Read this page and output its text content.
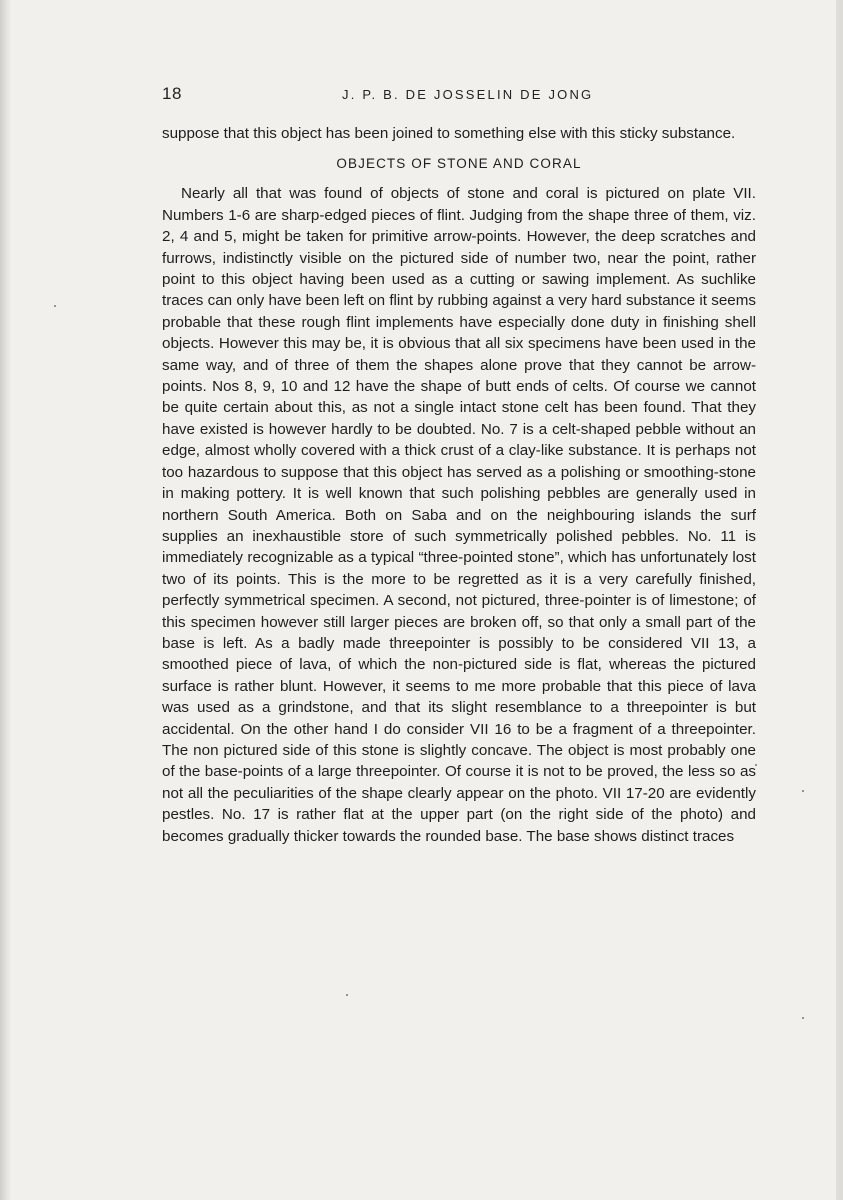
18	J. P. B. DE JOSSELIN DE JONG

suppose that this object has been joined to something else with this sticky substance.

OBJECTS OF STONE AND CORAL

Nearly all that was found of objects of stone and coral is pictured on plate VII. Numbers 1-6 are sharp-edged pieces of flint. Judging from the shape three of them, viz. 2, 4 and 5, might be taken for primitive arrow-points. However, the deep scratches and furrows, indistinctly visible on the pictured side of number two, near the point, rather point to this object having been used as a cutting or sawing implement. As suchlike traces can only have been left on flint by rubbing against a very hard substance it seems probable that these rough flint implements have especially done duty in finishing shell objects. However this may be, it is obvious that all six specimens have been used in the same way, and of three of them the shapes alone prove that they cannot be arrow-points. Nos 8, 9, 10 and 12 have the shape of butt ends of celts. Of course we cannot be quite certain about this, as not a single intact stone celt has been found. That they have existed is however hardly to be doubted. No. 7 is a celt-shaped pebble without an edge, almost wholly covered with a thick crust of a clay-like substance. It is perhaps not too hazardous to suppose that this object has served as a polishing or smoothing-stone in making pottery. It is well known that such polishing pebbles are generally used in northern South America. Both on Saba and on the neighbouring islands the surf supplies an inexhaustible store of such symmetrically polished pebbles. No. 11 is immediately recognizable as a typical “three-pointed stone”, which has unfortunately lost two of its points. This is the more to be regretted as it is a very carefully finished, perfectly symmetrical specimen. A second, not pictured, three-pointer is of limestone; of this specimen however still larger pieces are broken off, so that only a small part of the base is left. As a badly made threepointer is possibly to be considered VII 13, a smoothed piece of lava, of which the non-pictured side is flat, whereas the pictured surface is rather blunt. However, it seems to me more probable that this piece of lava was used as a grindstone, and that its slight resemblance to a threepointer is but accidental. On the other hand I do consider VII 16 to be a fragment of a threepointer. The non pictured side of this stone is slightly concave. The object is most probably one of the base-points of a large threepointer. Of course it is not to be proved, the less so as not all the peculiarities of the shape clearly appear on the photo. VII 17-20 are evidently pestles. No. 17 is rather flat at the upper part (on the right side of the photo) and becomes gradually thicker towards the rounded base. The base shows distinct traces
